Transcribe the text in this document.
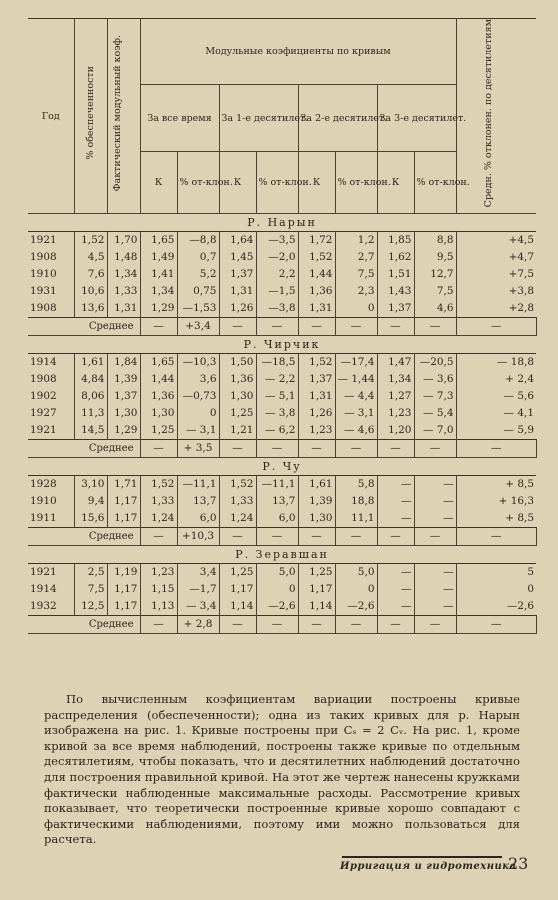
Год	% обеспеченности	Фактический модульный коэф.	Модульные коэфициенты по кривым								Средн. % отклонен. по десятилетиям	
			За все время		За 1-е десятилет.		За 2-е десятилет.		За 3-е десятилет.			
			К	% от-клон.	К	% от-клон.	К	% от-клон.	К	% от-клон.		
Р. Нарын												
1921	1,52	1,70	1,65	—8,8	1,64	—3,5	1,72	1,2	1,85	8,8	+4,5	
1908	4,5	1,48	1,49	0,7	1,45	—2,0	1,52	2,7	1,62	9,5	+4,7	
1910	7,6	1,34	1,41	5,2	1,37	2,2	1,44	7,5	1,51	12,7	+7,5	
1931	10,6	1,33	1,34	0,75	1,31	—1,5	1,36	2,3	1,43	7,5	+3,8	
1908	13,6	1,31	1,29	—1,53	1,26	—3,8	1,31	0	1,37	4,6	+2,8	
Среднее			—	+3,4	—	—	—	—	—	—	—	
Р. Чирчик												
1914	1,61	1,84	1,65	—10,3	1,50	—18,5	1,52	—17,4	1,47	—20,5	— 18,8	
1908	4,84	1,39	1,44	3,6	1,36	— 2,2	1,37	— 1,44	1,34	— 3,6	+ 2,4	
1902	8,06	1,37	1,36	—0,73	1,30	— 5,1	1,31	— 4,4	1,27	— 7,3	— 5,6	
1927	11,3	1,30	1,30	0	1,25	— 3,8	1,26	— 3,1	1,23	— 5,4	— 4,1	
1921	14,5	1,29	1,25	— 3,1	1,21	— 6,2	1,23	— 4,6	1,20	— 7,0	— 5,9	
Среднее			—	+ 3,5	—	—	—	—	—	—	—	
Р. Чу												
1928	3,10	1,71	1,52	—11,1	1,52	—11,1	1,61	5,8	—	—	+ 8,5	
1910	9,4	1,17	1,33	13,7	1,33	13,7	1,39	18,8	—	—	+ 16,3	
1911	15,6	1,17	1,24	6,0	1,24	6,0	1,30	11,1	—	—	+ 8,5	
Среднее			—	+10,3	—	—	—	—	—	—	—	
Р. Зеравшан												
1921	2,5	1,19	1,23	3,4	1,25	5,0	1,25	5,0	—	—	5	
1914	7,5	1,17	1,15	—1,7	1,17	0	1,17	0	—	—	0	
1932	12,5	1,17	1,13	— 3,4	1,14	—2,6	1,14	—2,6	—	—	—2,6	
Среднее			—	+ 2,8	—	—	—	—	—	—	—	

По вычисленным коэфициентам вариации построены кривые распределения (обеспеченности); одна из таких кривых для р. Нарын изображена на рис. 1. Кривые построены при Cₛ = 2 Cᵥ. На рис. 1, кроме кривой за все время наблюдений, построены также кривые по отдельным десятилетиям, чтобы показать, что и десятилетних наблюдений достаточно для построения правильной кривой. На этот же чертеж нанесены кружками фактически наблюденные максимальные расходы. Рассмотрение кривых показывает, что теоретически построенные кривые хорошо совпадают с фактическими наблюдениями, поэтому ими можно пользоваться для расчета.

Ирригация и гидротехника
23
